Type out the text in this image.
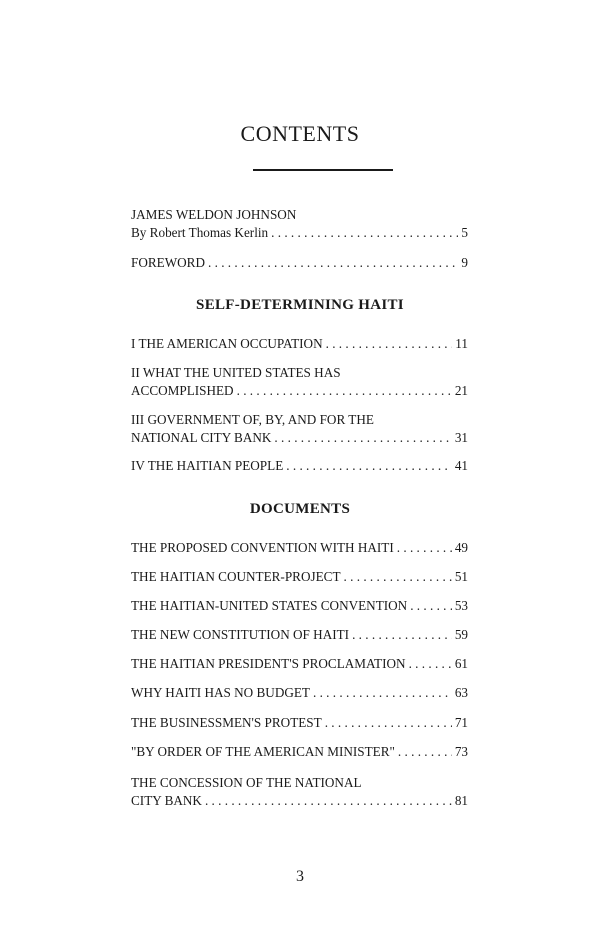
CONTENTS
JAMES WELDON JOHNSON
By Robert Thomas Kerlin . . .	5
FOREWORD . . .	9
SELF-DETERMINING HAITI
I THE AMERICAN OCCUPATION . . .	11
II WHAT THE UNITED STATES HAS
ACCOMPLISHED . . .	21
III GOVERNMENT OF, BY, AND FOR THE
NATIONAL CITY BANK . . .	31
IV THE HAITIAN PEOPLE . . .	41
DOCUMENTS
THE PROPOSED CONVENTION WITH HAITI . . .	49
THE HAITIAN COUNTER-PROJECT . . .	51
THE HAITIAN-UNITED STATES CONVENTION . . .	53
THE NEW CONSTITUTION OF HAITI . . .	59
THE HAITIAN PRESIDENT'S PROCLAMATION . . .	61
WHY HAITI HAS NO BUDGET . . .	63
THE BUSINESSMEN'S PROTEST . . .	71
"BY ORDER OF THE AMERICAN MINISTER" . . .	73
THE CONCESSION OF THE NATIONAL
CITY BANK . . .	81
3
